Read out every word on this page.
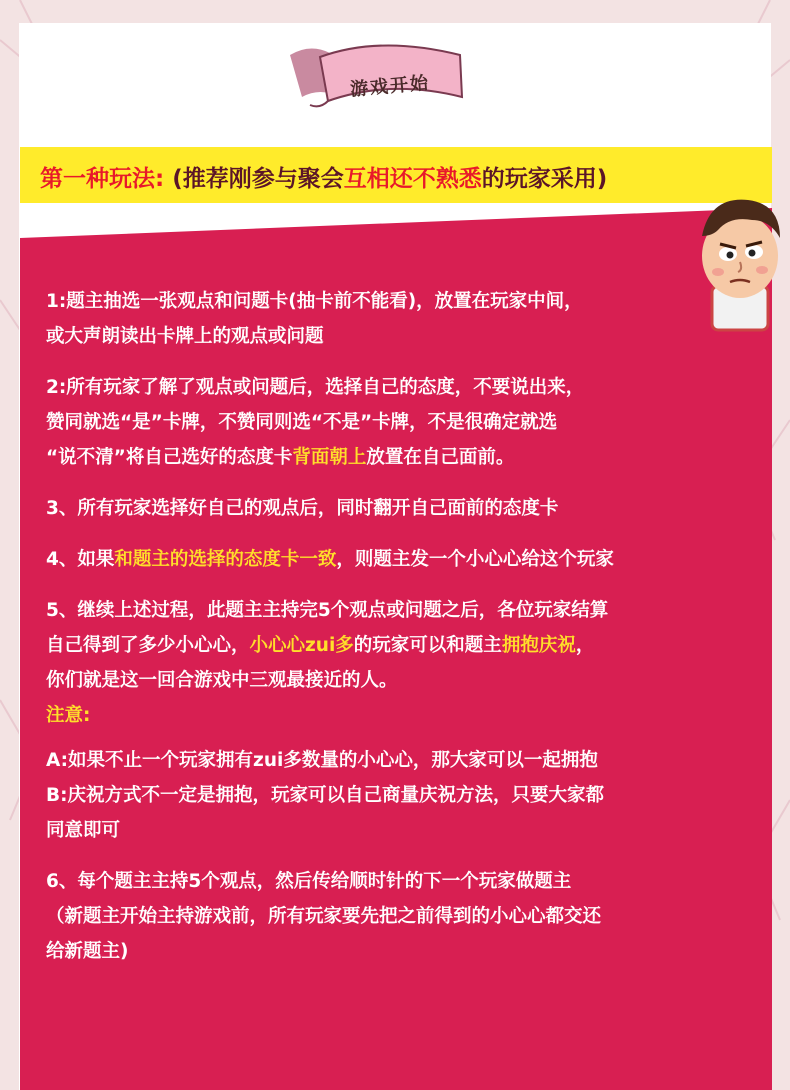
游戏开始
第一种玩法: (推荐刚参与聚会互相还不熟悉的玩家采用)

1:题主抽选一张观点和问题卡(抽卡前不能看)，放置在玩家中间，

或大声朗读出卡牌上的观点或问题

2:所有玩家了解了观点或问题后，选择自己的态度，不要说出来，

赞同就选“是”卡牌，不赞同则选“不是”卡牌，不是很确定就选

“说不清”将自己选好的态度卡背面朝上放置在自己面前。

3、所有玩家选择好自己的观点后，同时翻开自己面前的态度卡

4、如果和题主的选择的态度卡一致，则题主发一个小心心给这个玩家

5、继续上述过程，此题主主持完5个观点或问题之后，各位玩家结算

自己得到了多少小心心，小心心zui多的玩家可以和题主拥抱庆祝，

你们就是这一回合游戏中三观最接近的人。

注意:

A:如果不止一个玩家拥有zui多数量的小心心，那大家可以一起拥抱

B:庆祝方式不一定是拥抱，玩家可以自己商量庆祝方法，只要大家都

同意即可

6、每个题主主持5个观点，然后传给顺时针的下一个玩家做题主

（新题主开始主持游戏前，所有玩家要先把之前得到的小心心都交还

给新题主)
